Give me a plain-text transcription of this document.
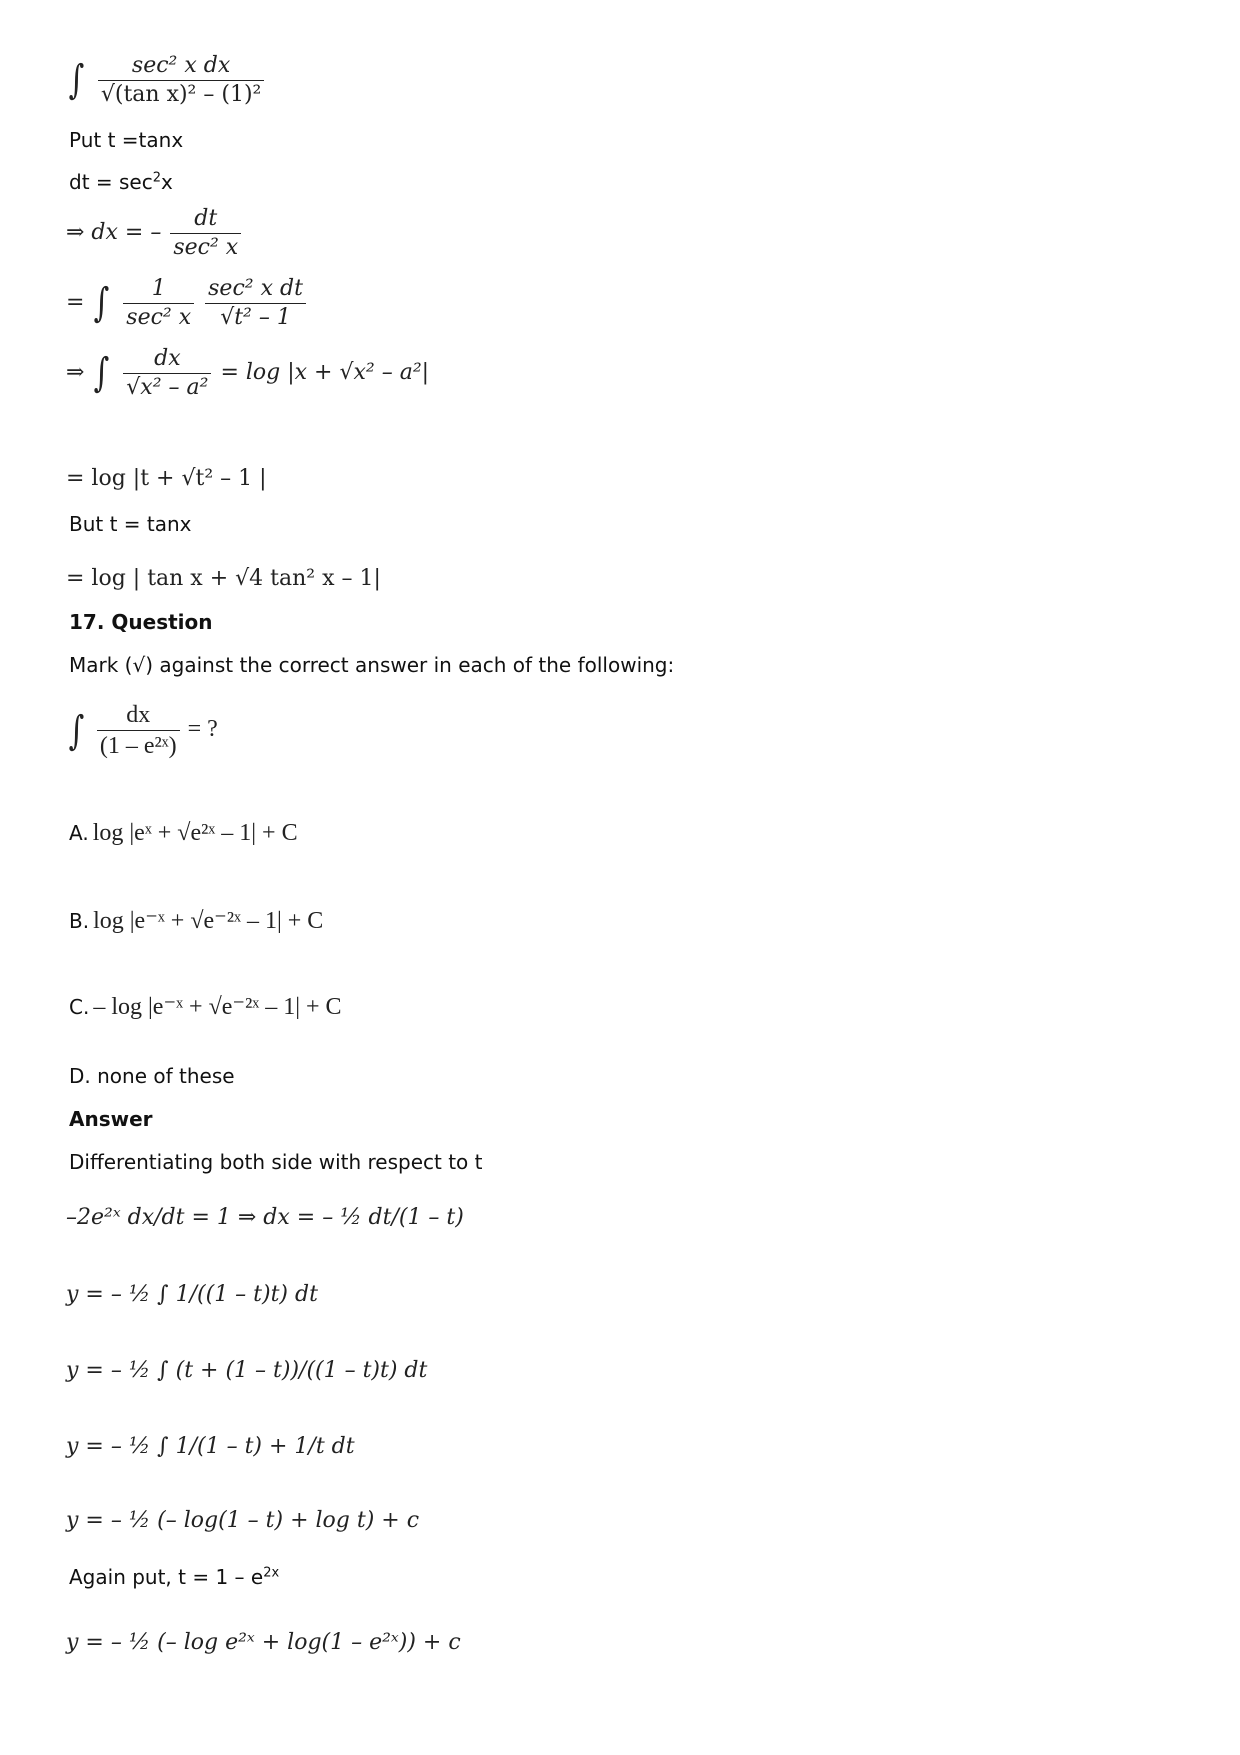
∫ $\frac{\text{sec² x dx}}{\text{√(tan x)² – (1)²}}$
Put t =tanx
dt = $\sec^2x$
⇒ dx = – $\frac{dt}{\text{sec² x}}$
= ∫ $\frac{1}{\text{sec² x}}$
$\frac{\text{sec² x dt}}{\text{√t² – 1}}$
⇒ ∫ $\frac{dx}{\text{√x² – a²}} = \log |x + √x^2 - a^2|$
= log |t + √t² – 1 |
But t = tanx
= log | tan x + √4 tan² x – 1|
17. Question
Mark (√) against the correct answer in each of the following:
∫ $\frac{dx}{\text{(1 – e²ˣ)}}$ = ?
A. log |eˣ + √e²ˣ – 1| + C
B. log |e⁻ˣ + √e⁻²ˣ – 1| + C
C. – log |e⁻ˣ + √e⁻²ˣ – 1| + C
D. none of these
Answer
Differentiating both side with respect to t
–2e²ˣ dx/dt = 1 ⇒ dx = – ½ dt/(1 – t)
y = – ½ ∫ 1/((1 – t)t) dt
y = – ½ ∫ (t + (1 – t))/((1 – t)t) dt
y = – ½ ∫ 1/(1 – t) + 1/t dt
y = – ½ (– log(1 – t) + log t) + c
Again put, $t = 1 - e^{2x}$
y = – ½ (– log e²ˣ + log(1 – e²ˣ)) + c
